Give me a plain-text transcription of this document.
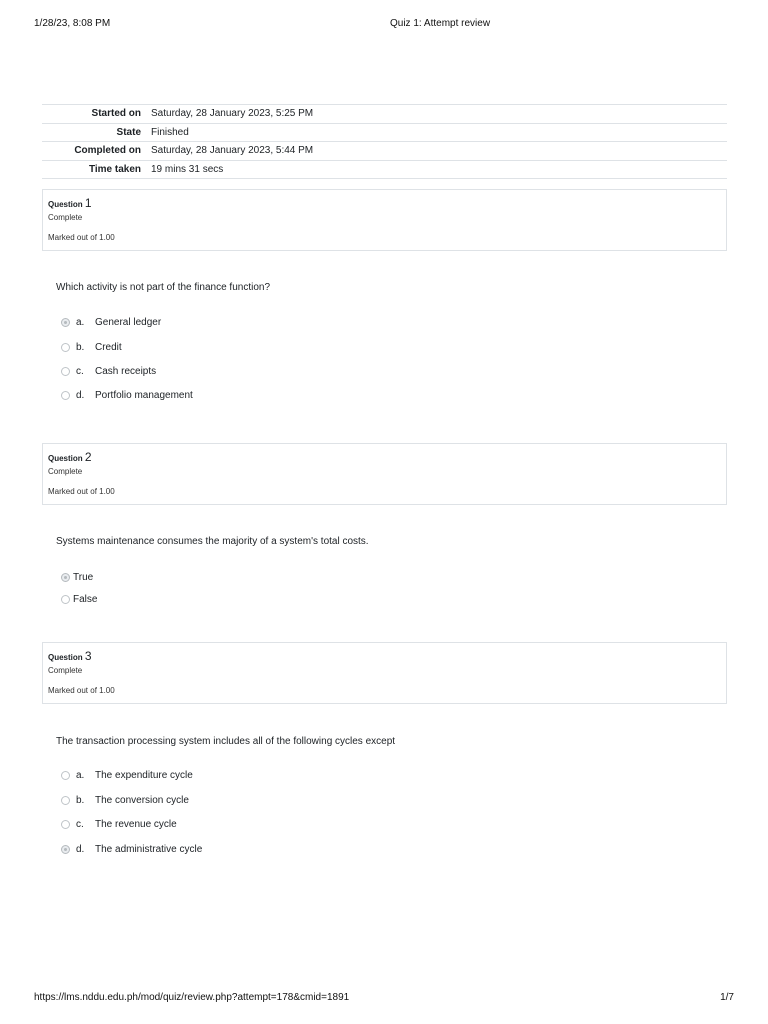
1/28/23, 8:08 PM	Quiz 1: Attempt review
Started on	Saturday, 28 January 2023, 5:25 PM
State	Finished
Completed on	Saturday, 28 January 2023, 5:44 PM
Time taken	19 mins 31 secs
Question 1
Complete
Marked out of 1.00
Which activity is not part of the finance function?
a.	General ledger
b.	Credit
c.	Cash receipts
d.	Portfolio management
Question 2
Complete
Marked out of 1.00
Systems maintenance consumes the majority of a system's total costs.
True
False
Question 3
Complete
Marked out of 1.00
The transaction processing system includes all of the following cycles except
a.	The expenditure cycle
b.	The conversion cycle
c.	The revenue cycle
d.	The administrative cycle
https://lms.nddu.edu.ph/mod/quiz/review.php?attempt=178&cmid=1891	1/7
